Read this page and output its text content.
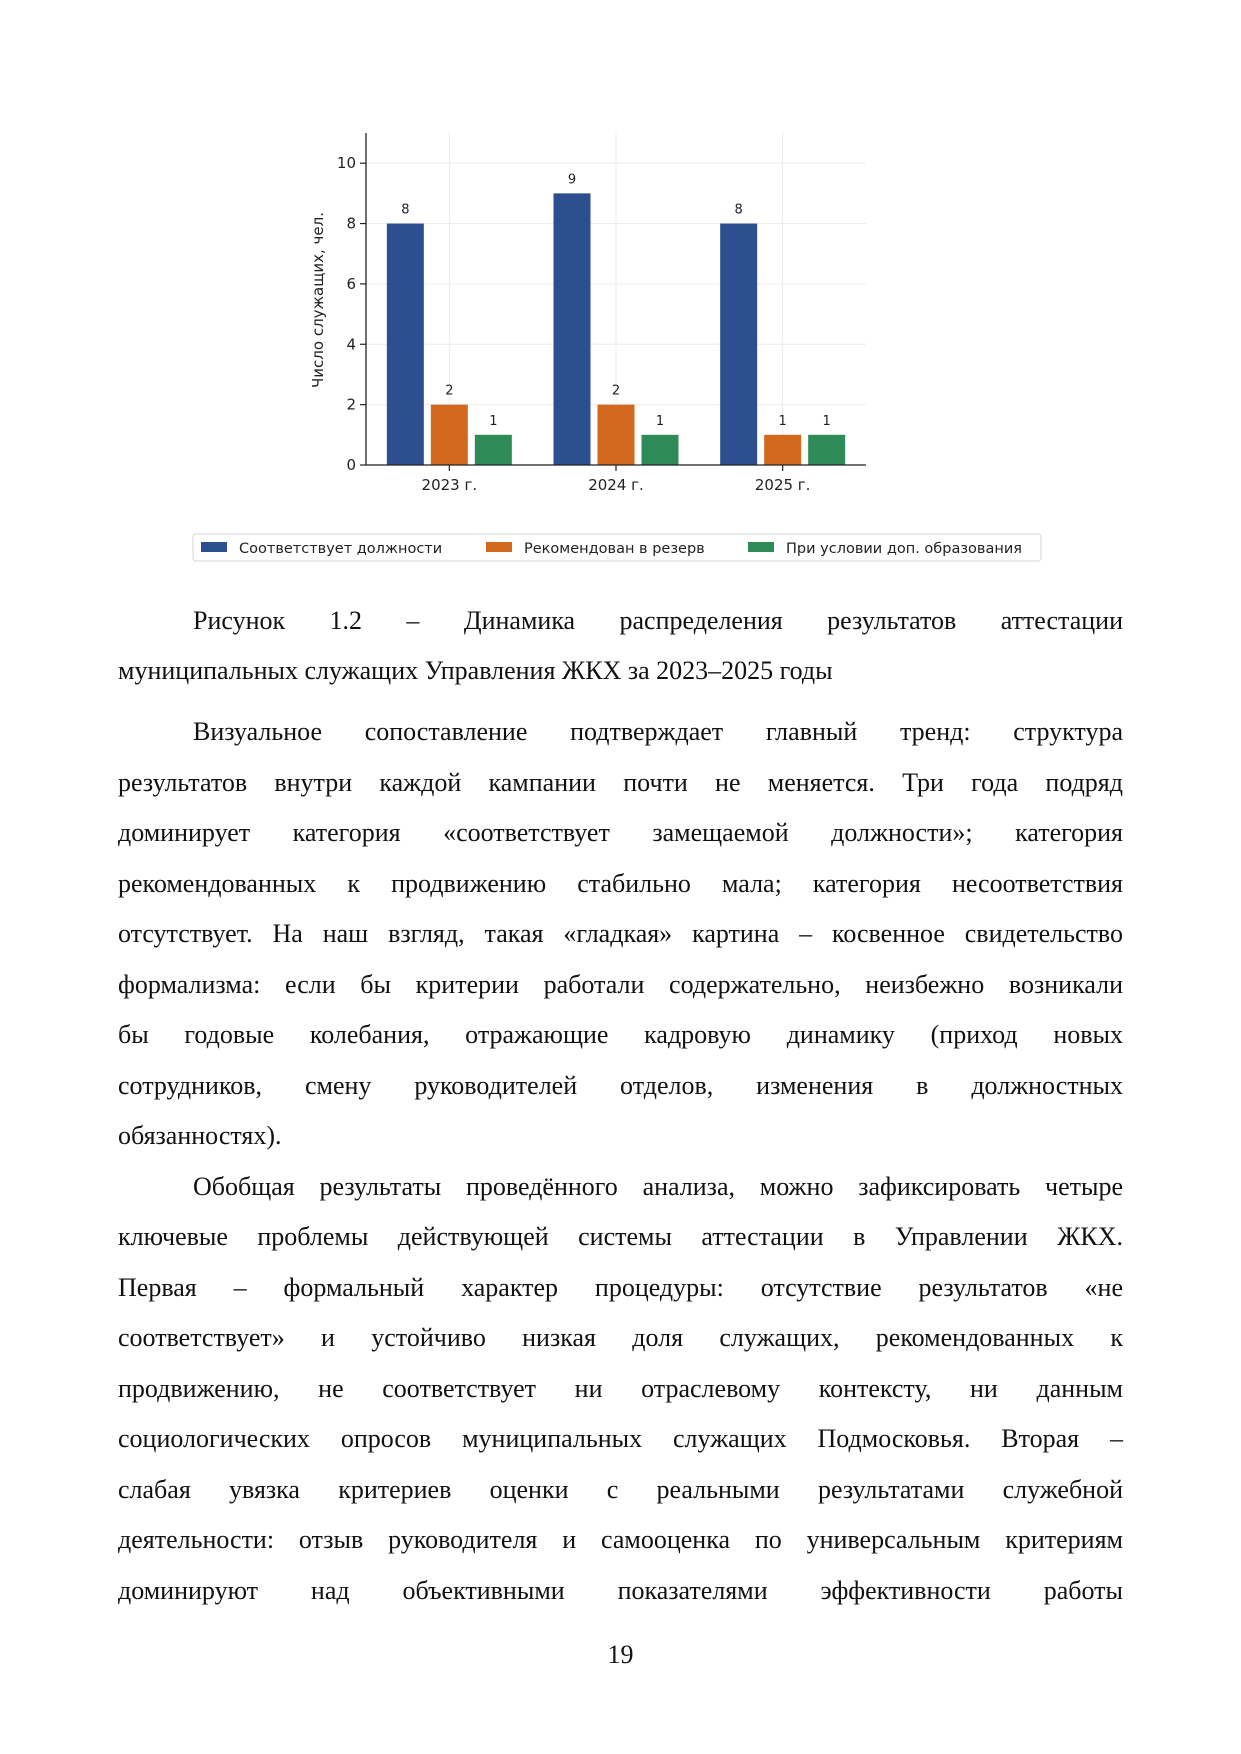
8
2
1
9
2
1
8
1	1
0
2
4
6
8
10
2023 г.	2024 г.	2025 г.
Число служащих, чел.
Соответствует должности	Рекомендован в резерв	При условии доп. образования
Рисунок 1.2 – Динамика распределения результатов аттестации
муниципальных служащих Управления ЖКХ за 2023–2025 годы
Визуальное сопоставление подтверждает главный тренд: структура
результатов внутри каждой кампании почти не меняется. Три года подряд
доминирует категория «соответствует замещаемой должности»; категория
рекомендованных к продвижению стабильно мала; категория несоответствия
отсутствует. На наш взгляд, такая «гладкая» картина – косвенное свидетельство
формализма: если бы критерии работали содержательно, неизбежно возникали
бы годовые колебания, отражающие кадровую динамику (приход новых
сотрудников, смену руководителей отделов, изменения в должностных
обязанностях).
Обобщая результаты проведённого анализа, можно зафиксировать четыре
ключевые проблемы действующей системы аттестации в Управлении ЖКХ.
Первая – формальный характер процедуры: отсутствие результатов «не
соответствует» и устойчиво низкая доля служащих, рекомендованных к
продвижению, не соответствует ни отраслевому контексту, ни данным
социологических опросов муниципальных служащих Подмосковья. Вторая –
слабая увязка критериев оценки с реальными результатами служебной
деятельности: отзыв руководителя и самооценка по универсальным критериям
доминируют над объективными показателями эффективности работы
19
